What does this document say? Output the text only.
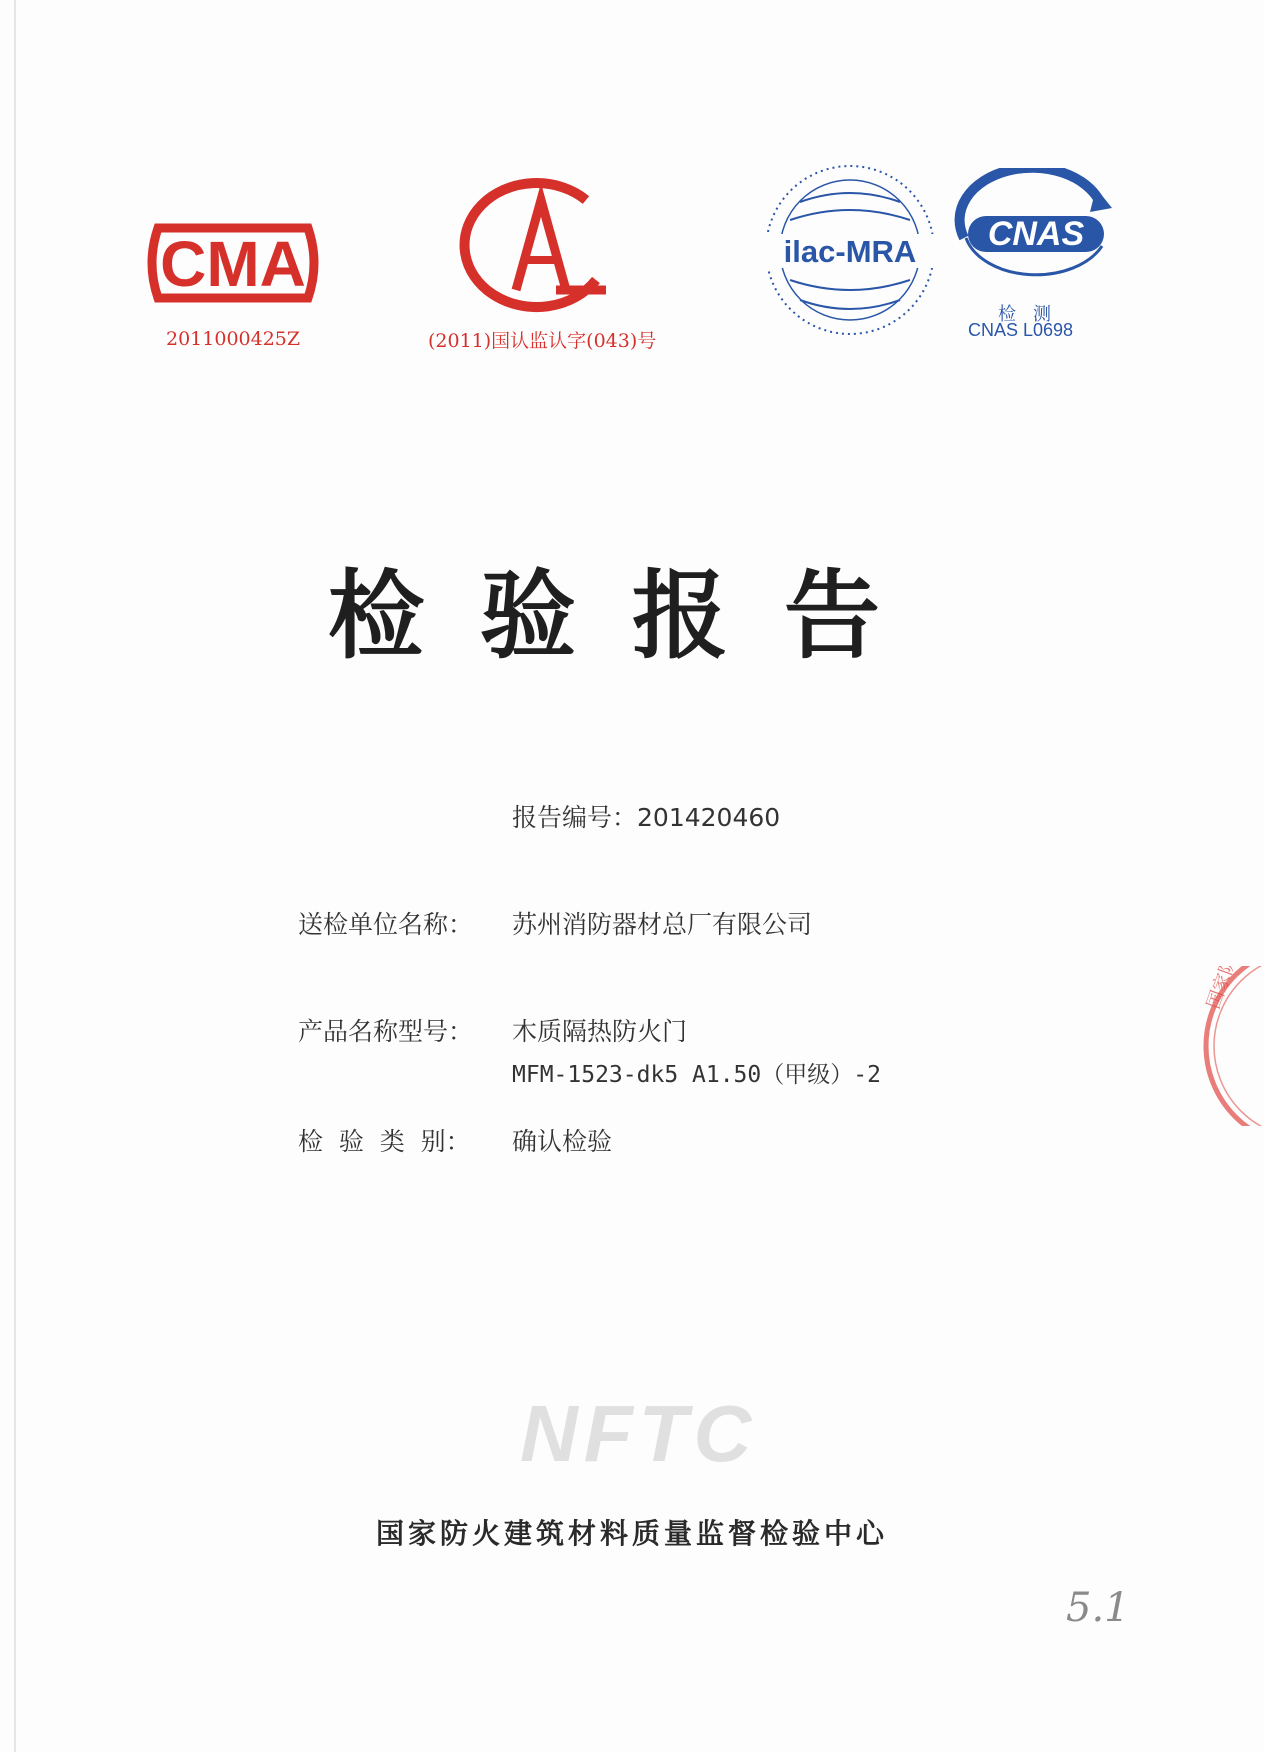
CMA
2011000425Z	(2011)国认监认字(043)号
ilac-MRA CNAS
检 测
CNAS L0698
检验报告
报告编号：201420460
送检单位名称： 苏州消防器材总厂有限公司
产品名称型号： 木质隔热防火门
MFM-1523-dk5 A1.50（甲级）-2
检  验  类  别： 确认检验
NFTC
国家防火建筑材料质量监督检验中心
5.1
国家防火
